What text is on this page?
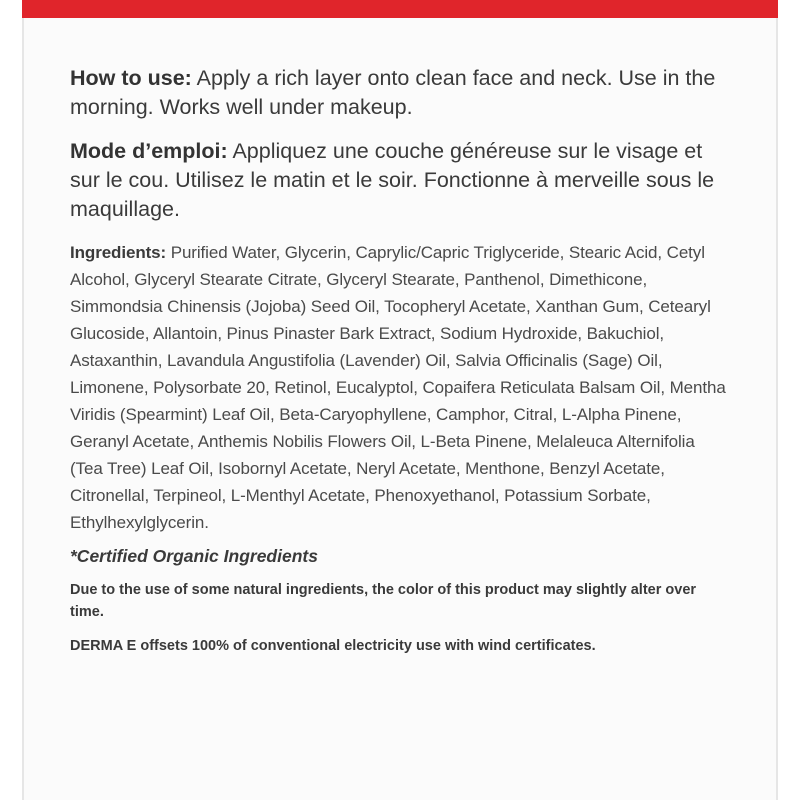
How to use: Apply a rich layer onto clean face and neck. Use in the morning. Works well under makeup.

Mode d’emploi: Appliquez une couche généreuse sur le visage et sur le cou. Utilisez le matin et le soir. Fonctionne à merveille sous le maquillage.

Ingredients: Purified Water, Glycerin, Caprylic/Capric Triglyceride, Stearic Acid, Cetyl Alcohol, Glyceryl Stearate Citrate, Glyceryl Stearate, Panthenol, Dimethicone, Simmondsia Chinensis (Jojoba) Seed Oil, Tocopheryl Acetate, Xanthan Gum, Cetearyl Glucoside, Allantoin, Pinus Pinaster Bark Extract, Sodium Hydroxide, Bakuchiol, Astaxanthin, Lavandula Angustifolia (Lavender) Oil, Salvia Officinalis (Sage) Oil, Limonene, Polysorbate 20, Retinol, Eucalyptol, Copaifera Reticulata Balsam Oil, Mentha Viridis (Spearmint) Leaf Oil, Beta-Caryophyllene, Camphor, Citral, L-Alpha Pinene, Geranyl Acetate, Anthemis Nobilis Flowers Oil, L-Beta Pinene, Melaleuca Alternifolia (Tea Tree) Leaf Oil, Isobornyl Acetate, Neryl Acetate, Menthone, Benzyl Acetate, Citronellal, Terpineol, L-Menthyl Acetate, Phenoxyethanol, Potassium Sorbate, Ethylhexylglycerin.

*Certified Organic Ingredients

Due to the use of some natural ingredients, the color of this product may slightly alter over time.

DERMA E offsets 100% of conventional electricity use with wind certificates.
